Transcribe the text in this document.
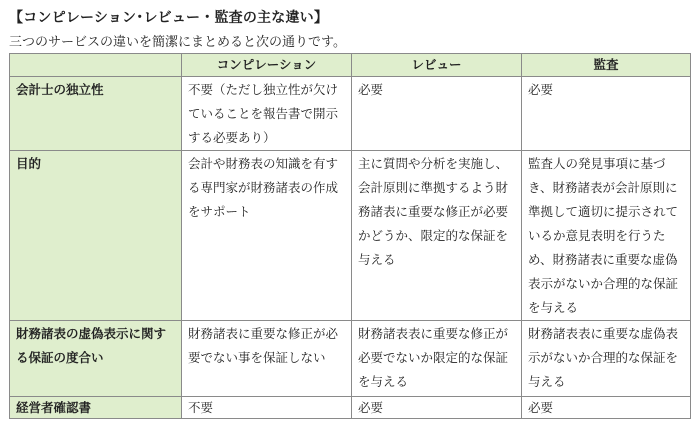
【コンピレーション･レビュー・監査の主な違い】
三つのサービスの違いを簡潔にまとめると次の通りです。
	コンピレーション	レビュー	監査
会計士の独立性	不要（ただし独立性が欠けていることを報告書で開示する必要あり）	必要	必要
目的	会計や財務表の知識を有する専門家が財務諸表の作成をサポート	主に質問や分析を実施し、会計原則に準拠するよう財務諸表に重要な修正が必要かどうか、限定的な保証を与える	監査人の発見事項に基づき、財務諸表が会計原則に準拠して適切に提示されているか意見表明を行うため、財務諸表に重要な虚偽表示がないか合理的な保証を与える
財務諸表の虚偽表示に関する保証の度合い	財務諸表に重要な修正が必要でない事を保証しない	財務諸表表に重要な修正が必要でないか限定的な保証を与える	財務諸表表に重要な虚偽表示がないか合理的な保証を与える
経営者確認書	不要	必要	必要
